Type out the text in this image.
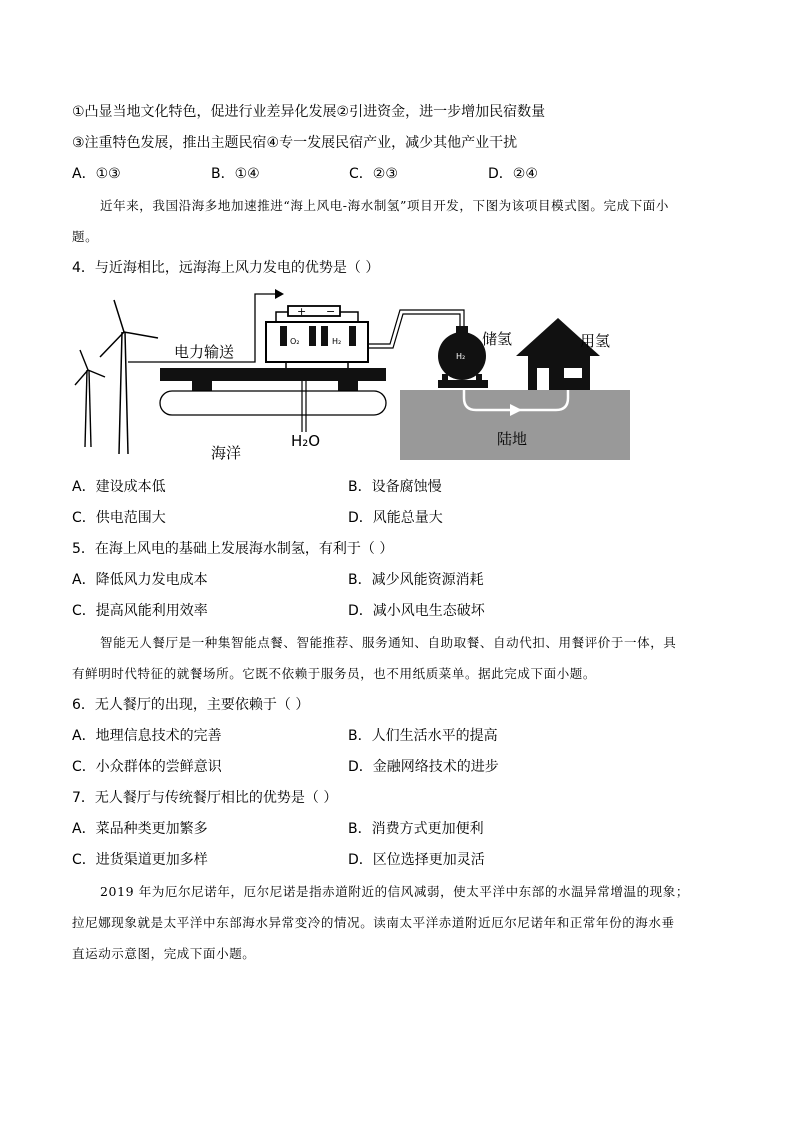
①凸显当地文化特色，促进行业差异化发展②引进资金，进一步增加民宿数量
③注重特色发展，推出主题民宿④专一发展民宿产业，减少其他产业干扰
A．①③	B．①④	C．②③	D．②④
近年来，我国沿海多地加速推进“海上风电-海水制氢”项目开发，下图为该项目模式图。完成下面小
题。
4．与近海相比，远海海上风力发电的优势是（ ）
电力输送
+ −
O₂	H₂
H₂
储氢	用氢
陆地
海洋
H₂O
A．建设成本低	B．设备腐蚀慢
C．供电范围大	D．风能总量大
5．在海上风电的基础上发展海水制氢，有利于（ ）
A．降低风力发电成本	B．减少风能资源消耗
C．提高风能利用效率	D．减小风电生态破坏
智能无人餐厅是一种集智能点餐、智能推荐、服务通知、自助取餐、自动代扣、用餐评价于一体，具
有鲜明时代特征的就餐场所。它既不依赖于服务员，也不用纸质菜单。据此完成下面小题。
6．无人餐厅的出现，主要依赖于（ ）
A．地理信息技术的完善	B．人们生活水平的提高
C．小众群体的尝鲜意识	D．金融网络技术的进步
7．无人餐厅与传统餐厅相比的优势是（ ）
A．菜品种类更加繁多	B．消费方式更加便利
C．进货渠道更加多样	D．区位选择更加灵活
2019 年为厄尔尼诺年，厄尔尼诺是指赤道附近的信风减弱，使太平洋中东部的水温异常增温的现象；
拉尼娜现象就是太平洋中东部海水异常变冷的情况。读南太平洋赤道附近厄尔尼诺年和正常年份的海水垂
直运动示意图，完成下面小题。
